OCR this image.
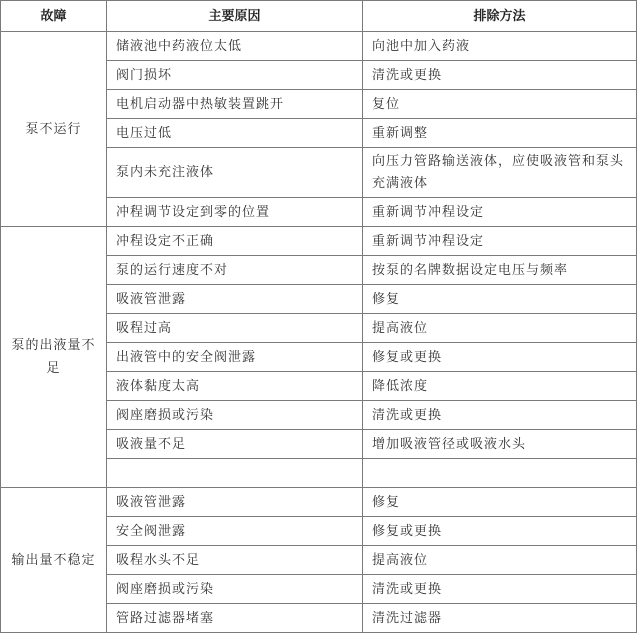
故障	主要原因	排除方法
泵不运行	储液池中药液位太低	向池中加入药液
	阀门损坏	清洗或更换
	电机启动器中热敏装置跳开	复位
	电压过低	重新调整
	泵内未充注液体	向压力管路输送液体，应使吸液管和泵头充满液体
	冲程调节设定到零的位置	重新调节冲程设定
泵的出液量不足	冲程设定不正确	重新调节冲程设定
	泵的运行速度不对	按泵的名牌数据设定电压与频率
	吸液管泄露	修复
	吸程过高	提高液位
	出液管中的安全阀泄露	修复或更换
	液体黏度太高	降低浓度
	阀座磨损或污染	清洗或更换
	吸液量不足	增加吸液管径或吸液水头

输出量不稳定	吸液管泄露	修复
	安全阀泄露	修复或更换
	吸程水头不足	提高液位
	阀座磨损或污染	清洗或更换
	管路过滤器堵塞	清洗过滤器
